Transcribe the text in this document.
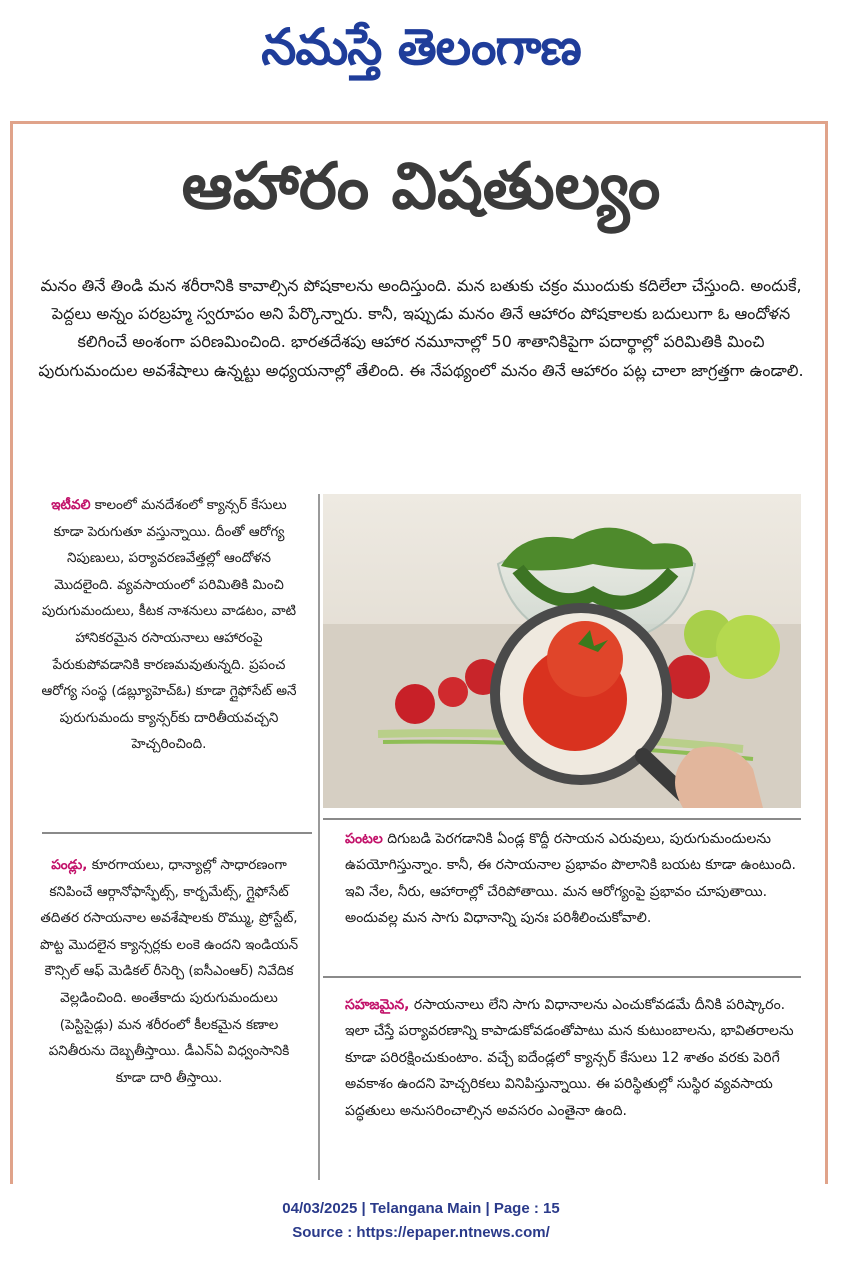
నమస్తే తెలంగాణ
ఆహారం విషతుల్యం

మనం తినే తిండి మన శరీరానికి కావాల్సిన పోషకాలను అందిస్తుంది. మన బతుకు చక్రం ముందుకు కదిలేలా చేస్తుంది. అందుకే, పెద్దలు అన్నం పరబ్రహ్మ స్వరూపం అని పేర్కొన్నారు. కానీ, ఇప్పుడు మనం తినే ఆహారం పోషకాలకు బదులుగా ఓ ఆందోళన కలిగించే అంశంగా పరిణమించింది. భారతదేశపు ఆహార నమూనాల్లో 50 శాతానికిపైగా పదార్థాల్లో పరిమితికి మించి పురుగుమందుల అవశేషాలు ఉన్నట్టు అధ్యయనాల్లో తేలింది. ఈ నేపథ్యంలో మనం తినే ఆహారం పట్ల చాలా జాగ్రత్తగా ఉండాలి.

ఇటీవలి కాలంలో మనదేశంలో క్యాన్సర్ కేసులు కూడా పెరుగుతూ వస్తున్నాయి. దీంతో ఆరోగ్య నిపుణులు, పర్యావరణవేత్తల్లో ఆందోళన మొదలైంది. వ్యవసాయంలో పరిమితికి మించి పురుగుమందులు, కీటక నాశనులు వాడటం, వాటి హానికరమైన రసాయనాలు ఆహారంపై పేరుకుపోవడానికి కారణమవుతున్నది. ప్రపంచ ఆరోగ్య సంస్థ (డబ్ల్యూహెచ్ఓ) కూడా గ్లైఫోసేట్ అనే పురుగుమందు క్యాన్సర్‌కు దారితీయవచ్చని హెచ్చరించింది.

పండ్లు, కూరగాయలు, ధాన్యాల్లో సాధారణంగా కనిపించే ఆర్గానోఫాస్ఫేట్స్, కార్బమేట్స్, గ్లైఫోసేట్ తదితర రసాయనాల అవశేషాలకు రొమ్ము, ప్రోస్టేట్, పొట్ట మొదలైన క్యాన్సర్లకు లంకె ఉందని ఇండియన్ కౌన్సిల్ ఆఫ్ మెడికల్ రీసెర్చి (ఐసీఎంఆర్) నివేదిక వెల్లడించింది. అంతేకాదు పురుగుమందులు (పెస్టిసైడ్లు) మన శరీరంలో కీలకమైన కణాల పనితీరును దెబ్బతీస్తాయి. డీఎన్ఏ విధ్వంసానికి కూడా దారి తీస్తాయి.

పంటల దిగుబడి పెరగడానికి ఏండ్ల కొద్దీ రసాయన ఎరువులు, పురుగుమందులను ఉపయోగిస్తున్నాం. కానీ, ఈ రసాయనాల ప్రభావం పొలానికి బయట కూడా ఉంటుంది. ఇవి నేల, నీరు, ఆహారాల్లో చేరిపోతాయి. మన ఆరోగ్యంపై ప్రభావం చూపుతాయి. అందువల్ల మన సాగు విధానాన్ని పునః పరిశీలించుకోవాలి.

సహజమైన, రసాయనాలు లేని సాగు విధానాలను ఎంచుకోవడమే దీనికి పరిష్కారం. ఇలా చేస్తే పర్యావరణాన్ని కాపాడుకోవడంతోపాటు మన కుటుంబాలను, భావితరాలను కూడా పరిరక్షించుకుంటాం. వచ్చే ఐదేండ్లలో క్యాన్సర్ కేసులు 12 శాతం వరకు పెరిగే అవకాశం ఉందని హెచ్చరికలు వినిపిస్తున్నాయి. ఈ పరిస్థితుల్లో సుస్థిర వ్యవసాయ పద్ధతులు అనుసరించాల్సిన అవసరం ఎంతైనా ఉంది.

04/03/2025 | Telangana Main | Page : 15
Source : https://epaper.ntnews.com/
